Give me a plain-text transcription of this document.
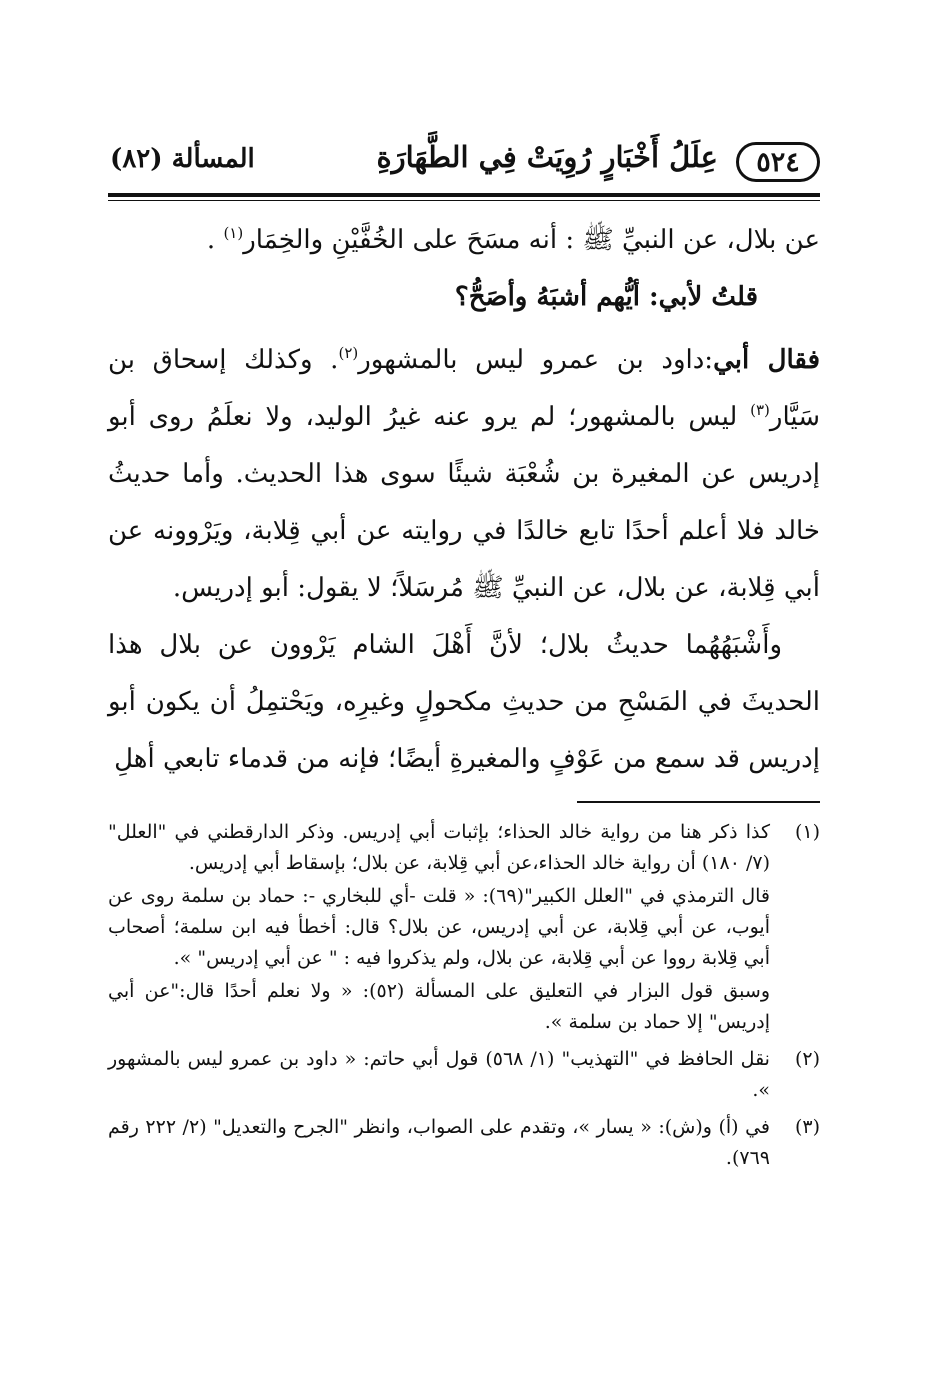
٥٢٤
عِلَلُ أَخْبَارٍ رُوِيَتْ فِي الطَّهَارَةِ
المسألة (٨٢)

عن بلال، عن النبيِّ ﷺ : أنه مسَحَ على الخُفَّيْنِ والخِمَار$^{(١)}$ .

قلتُ لأبي: أيُّهم أشبَهُ وأصَحُّ؟

فقال أبي:داود بن عمرو ليس بالمشهور$^{(٢)}$. وكذلك إسحاق بن سَيَّار$^{(٣)}$ ليس بالمشهور؛ لم يرو عنه غيرُ الوليد، ولا نعلَمُ روى أبو إدريس عن المغيرة بن شُعْبَة شيئًا سوى هذا الحديث. وأما حديثُ خالد فلا أعلم أحدًا تابع خالدًا في روايته عن أبي قِلابة، ويَرْوونه عن أبي قِلابة، عن بلال، عن النبيِّ ﷺ مُرسَلاً؛ لا يقول: أبو إدريس.

وأَشْبَهُهُما حديثُ بلال؛ لأنَّ أَهْلَ الشام يَرْوون عن بلال هذا الحديثَ في المَسْحِ من حديثِ مكحولٍ وغيرِه، ويَحْتمِلُ أن يكون أبو إدريس قد سمع من عَوْفٍ والمغيرةِ أيضًا؛ فإنه من قدماء تابعي أهلِ

(١)

كذا ذكر هنا من رواية خالد الحذاء؛ بإثبات أبي إدريس. وذكر الدارقطني في "العلل" (٧/ ١٨٠) أن رواية خالد الحذاء،عن أبي قِلابة، عن بلال؛ بإسقاط أبي إدريس.

قال الترمذي في "العلل الكبير"(٦٩): « قلت -أي للبخاري -: حماد بن سلمة روى عن أيوب، عن أبي قِلابة، عن أبي إدريس، عن بلال؟ قال: أخطأ فيه ابن سلمة؛ أصحاب أبي قِلابة رووا عن أبي قِلابة، عن بلال، ولم يذكروا فيه : " عن أبي إدريس" ».

وسبق قول البزار في التعليق على المسألة (٥٢): « ولا نعلم أحدًا قال:"عن أبي إدريس" إلا حماد بن سلمة ».

(٢)

نقل الحافظ في "التهذيب" (١/ ٥٦٨) قول أبي حاتم: « داود بن عمرو ليس بالمشهور ».

(٣)

في (أ) و(ش): « يسار »، وتقدم على الصواب، وانظر "الجرح والتعديل" (٢/ ٢٢٢ رقم ٧٦٩).
